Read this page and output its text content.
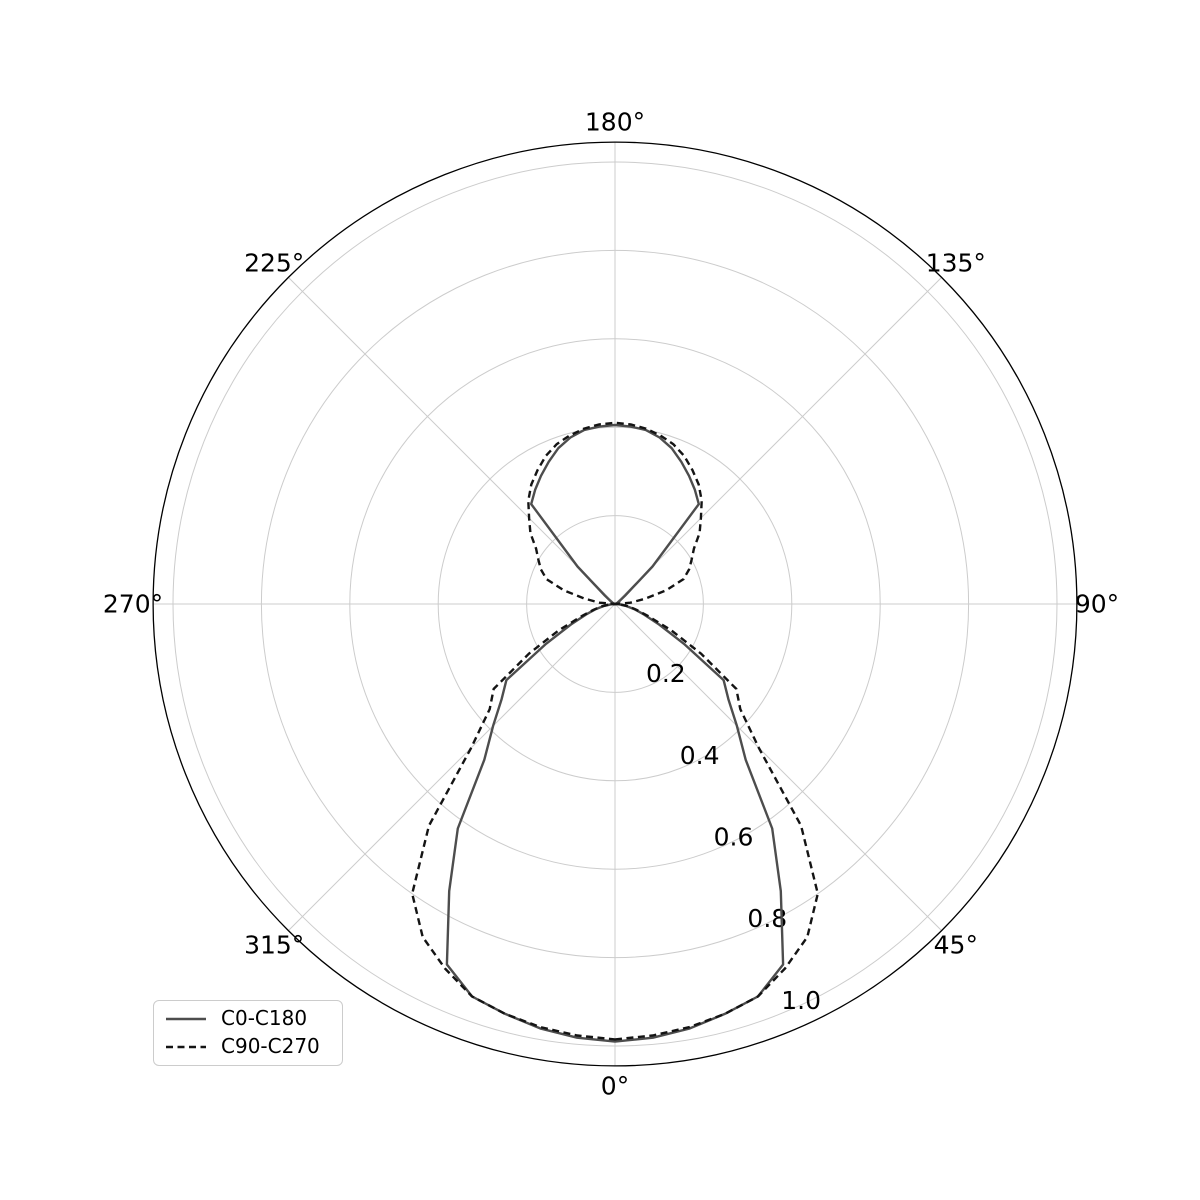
0.2
0.4
0.6
0.8
1.0
0°
45°
90°
135°
180°
225°
270°
315°
C0-C180
C90-C270
